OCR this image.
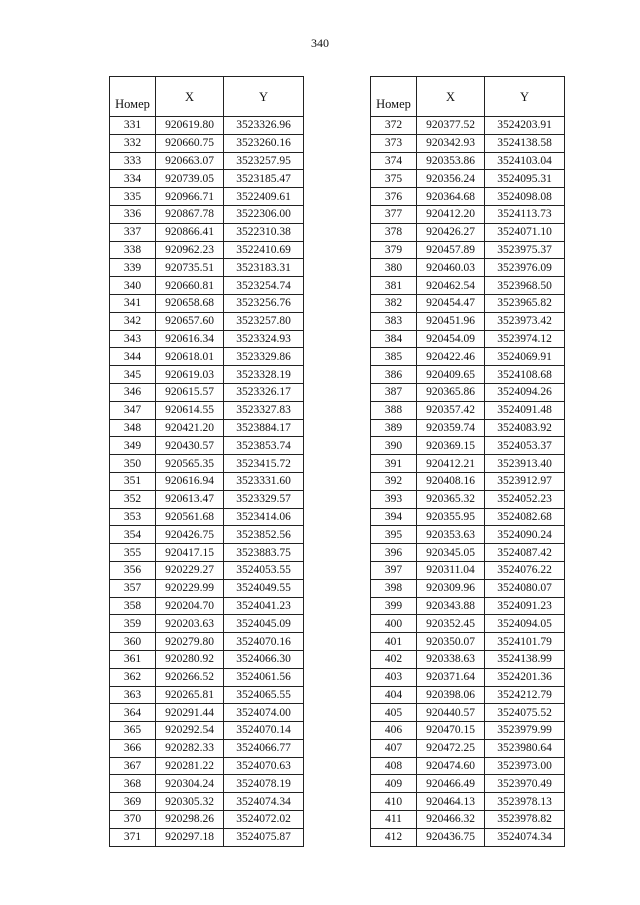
340
Номер	X	Y
331	920619.80	3523326.96
332	920660.75	3523260.16
333	920663.07	3523257.95
334	920739.05	3523185.47
335	920966.71	3522409.61
336	920867.78	3522306.00
337	920866.41	3522310.38
338	920962.23	3522410.69
339	920735.51	3523183.31
340	920660.81	3523254.74
341	920658.68	3523256.76
342	920657.60	3523257.80
343	920616.34	3523324.93
344	920618.01	3523329.86
345	920619.03	3523328.19
346	920615.57	3523326.17
347	920614.55	3523327.83
348	920421.20	3523884.17
349	920430.57	3523853.74
350	920565.35	3523415.72
351	920616.94	3523331.60
352	920613.47	3523329.57
353	920561.68	3523414.06
354	920426.75	3523852.56
355	920417.15	3523883.75
356	920229.27	3524053.55
357	920229.99	3524049.55
358	920204.70	3524041.23
359	920203.63	3524045.09
360	920279.80	3524070.16
361	920280.92	3524066.30
362	920266.52	3524061.56
363	920265.81	3524065.55
364	920291.44	3524074.00
365	920292.54	3524070.14
366	920282.33	3524066.77
367	920281.22	3524070.63
368	920304.24	3524078.19
369	920305.32	3524074.34
370	920298.26	3524072.02
371	920297.18	3524075.87
Номер	X	Y
372	920377.52	3524203.91
373	920342.93	3524138.58
374	920353.86	3524103.04
375	920356.24	3524095.31
376	920364.68	3524098.08
377	920412.20	3524113.73
378	920426.27	3524071.10
379	920457.89	3523975.37
380	920460.03	3523976.09
381	920462.54	3523968.50
382	920454.47	3523965.82
383	920451.96	3523973.42
384	920454.09	3523974.12
385	920422.46	3524069.91
386	920409.65	3524108.68
387	920365.86	3524094.26
388	920357.42	3524091.48
389	920359.74	3524083.92
390	920369.15	3524053.37
391	920412.21	3523913.40
392	920408.16	3523912.97
393	920365.32	3524052.23
394	920355.95	3524082.68
395	920353.63	3524090.24
396	920345.05	3524087.42
397	920311.04	3524076.22
398	920309.96	3524080.07
399	920343.88	3524091.23
400	920352.45	3524094.05
401	920350.07	3524101.79
402	920338.63	3524138.99
403	920371.64	3524201.36
404	920398.06	3524212.79
405	920440.57	3524075.52
406	920470.15	3523979.99
407	920472.25	3523980.64
408	920474.60	3523973.00
409	920466.49	3523970.49
410	920464.13	3523978.13
411	920466.32	3523978.82
412	920436.75	3524074.34
